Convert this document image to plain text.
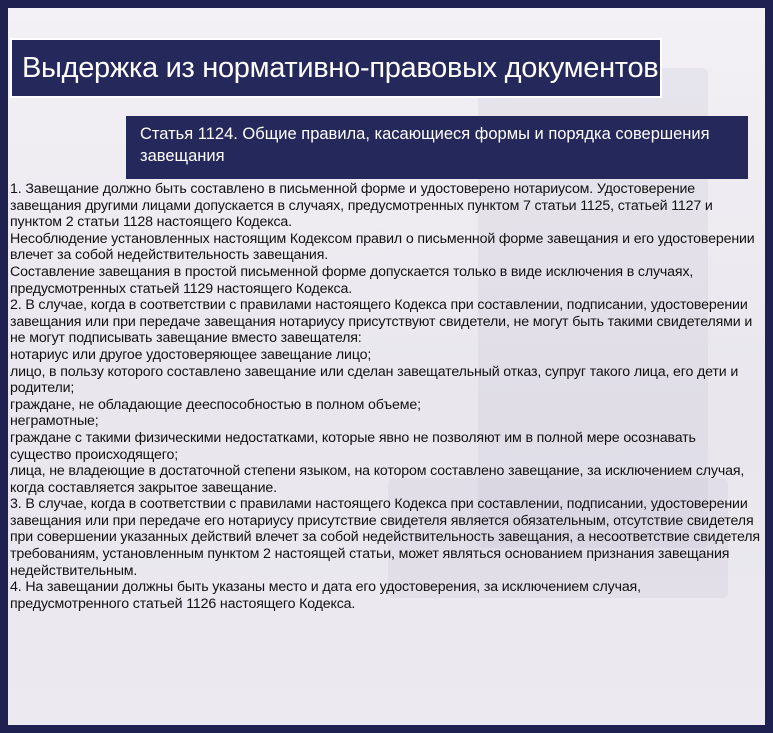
Выдержка из нормативно-правовых документов
Статья 1124. Общие правила, касающиеся формы и порядка совершения завещания

1. Завещание должно быть составлено в письменной форме и удостоверено нотариусом. Удостоверение завещания другими лицами допускается в случаях, предусмотренных пунктом 7 статьи 1125, статьей 1127 и пунктом 2 статьи 1128 настоящего Кодекса.

Несоблюдение установленных настоящим Кодексом правил о письменной форме завещания и его удостоверении влечет за собой недействительность завещания.

Составление завещания в простой письменной форме допускается только в виде исключения в случаях, предусмотренных статьей 1129 настоящего Кодекса.

2. В случае, когда в соответствии с правилами настоящего Кодекса при составлении, подписании, удостоверении завещания или при передаче завещания нотариусу присутствуют свидетели, не могут быть такими свидетелями и не могут подписывать завещание вместо завещателя:

нотариус или другое удостоверяющее завещание лицо;

лицо, в пользу которого составлено завещание или сделан завещательный отказ, супруг такого лица, его дети и родители;

граждане, не обладающие дееспособностью в полном объеме;

неграмотные;

граждане с такими физическими недостатками, которые явно не позволяют им в полной мере осознавать существо происходящего;

лица, не владеющие в достаточной степени языком, на котором составлено завещание, за исключением случая, когда составляется закрытое завещание.

3. В случае, когда в соответствии с правилами настоящего Кодекса при составлении, подписании, удостоверении завещания или при передаче его нотариусу присутствие свидетеля является обязательным, отсутствие свидетеля при совершении указанных действий влечет за собой недействительность завещания, а несоответствие свидетеля требованиям, установленным пунктом 2 настоящей статьи, может являться основанием признания завещания недействительным.

4. На завещании должны быть указаны место и дата его удостоверения, за исключением случая, предусмотренного статьей 1126 настоящего Кодекса.
